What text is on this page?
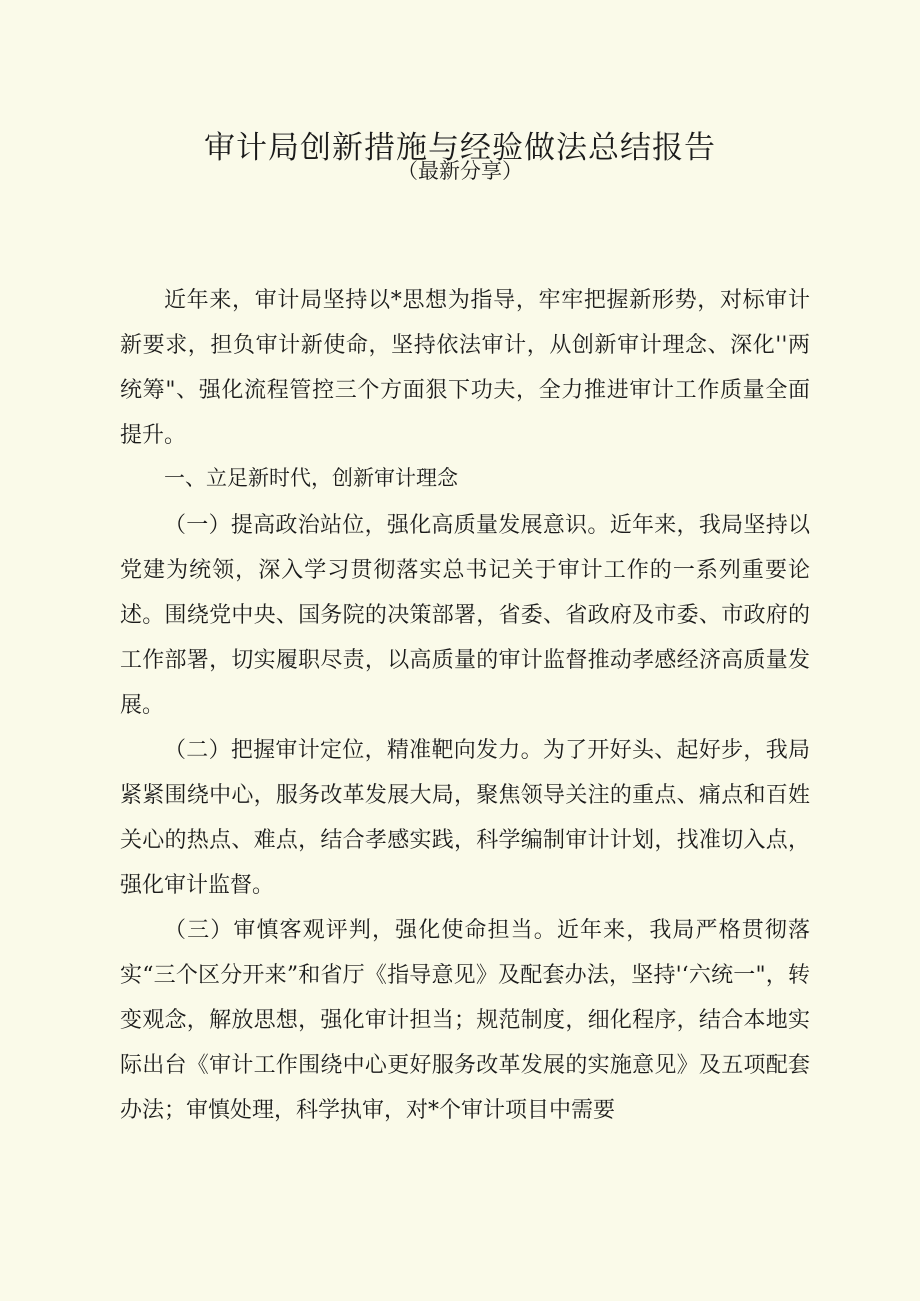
审计局创新措施与经验做法总结报告
（最新分享）

近年来，审计局坚持以*思想为指导，牢牢把握新形势，对标审计新要求，担负审计新使命，坚持依法审计，从创新审计理念、深化''两统筹"、强化流程管控三个方面狠下功夫，全力推进审计工作质量全面提升。

一、立足新时代，创新审计理念

（一）提高政治站位，强化高质量发展意识。近年来，我局坚持以党建为统领，深入学习贯彻落实总书记关于审计工作的一系列重要论述。围绕党中央、国务院的决策部署，省委、省政府及市委、市政府的工作部署，切实履职尽责，以高质量的审计监督推动孝感经济高质量发展。

（二）把握审计定位，精准靶向发力。为了开好头、起好步，我局紧紧围绕中心，服务改革发展大局，聚焦领导关注的重点、痛点和百姓关心的热点、难点，结合孝感实践，科学编制审计计划，找准切入点，强化审计监督。

（三）审慎客观评判，强化使命担当。近年来，我局严格贯彻落实“三个区分开来”和省厅《指导意见》及配套办法，坚持'‘六统一"，转变观念，解放思想，强化审计担当；规范制度，细化程序，结合本地实际出台《审计工作围绕中心更好服务改革发展的实施意见》及五项配套办法；审慎处理，科学执审，对*个审计项目中需要
